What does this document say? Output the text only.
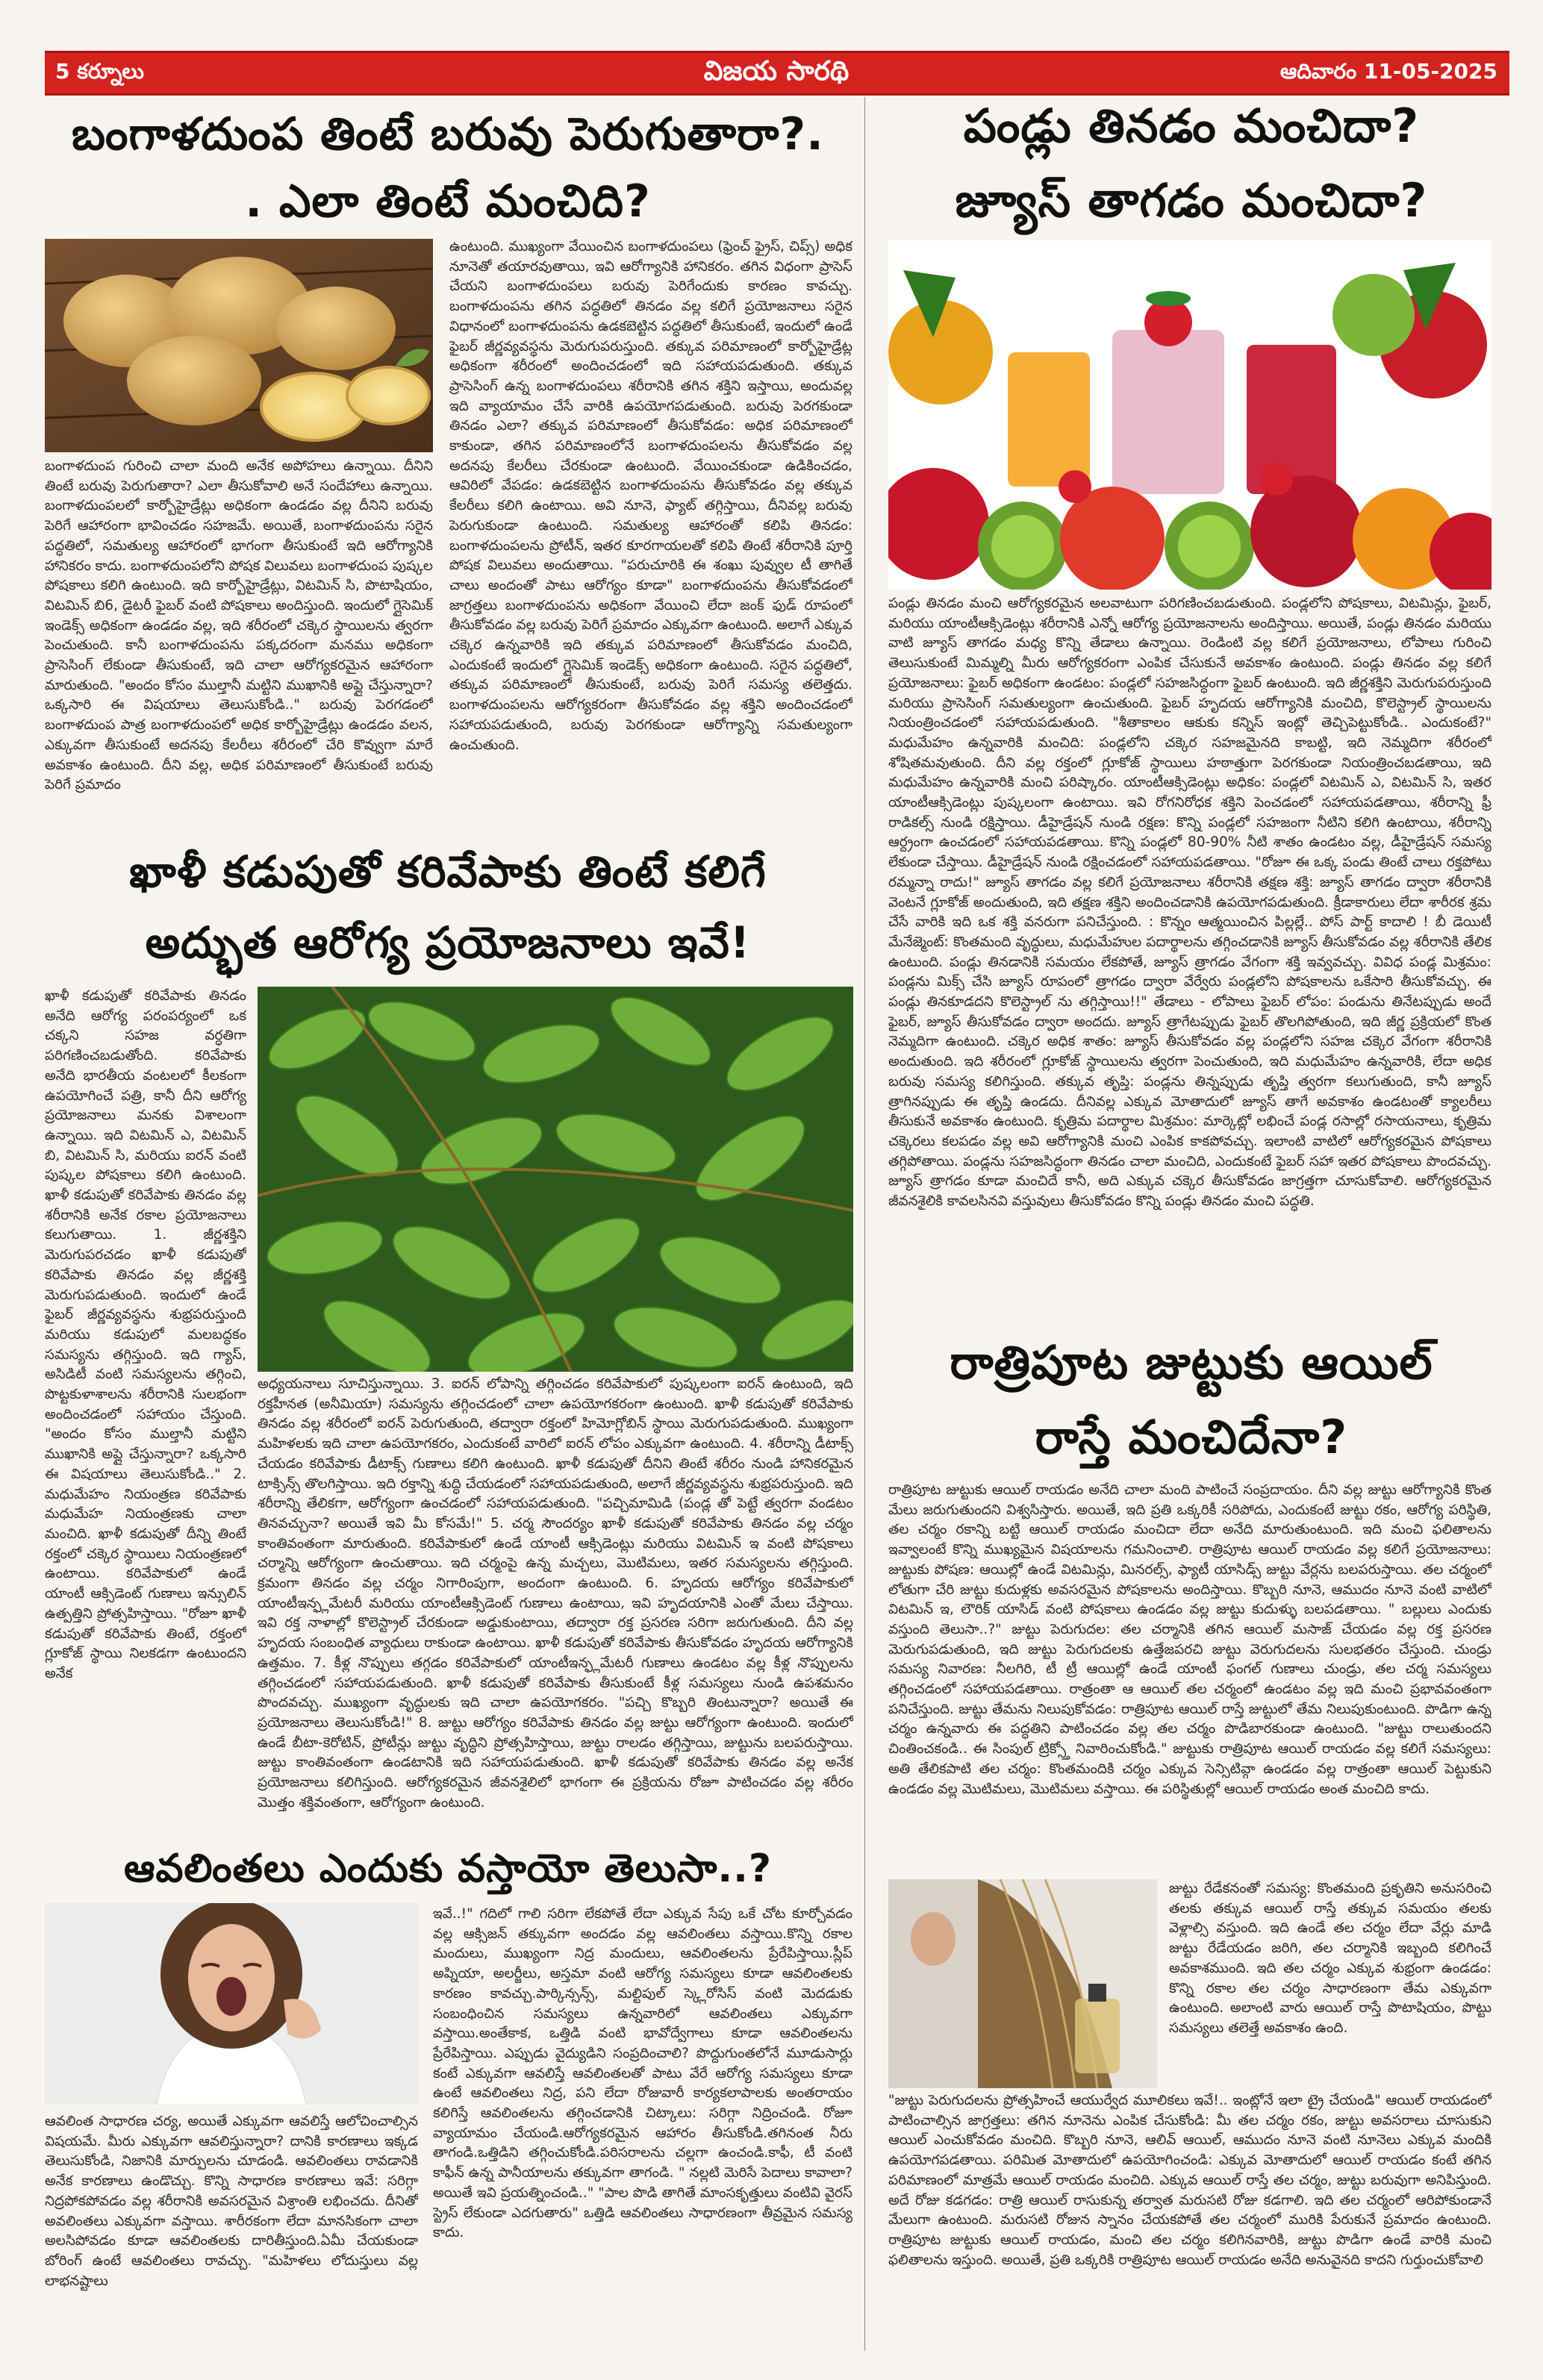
5 కర్నూలు	విజయ సారథి	ఆదివారం 11-05-2025
బంగాళదుంప తింటే బరువు పెరుగుతారా?.
. ఎలా తింటే మంచిది?
బంగాళదుంప గురించి చాలా మంది అనేక అపోహలు ఉన్నాయి. దీనిని తింటే బరువు పెరుగుతారా? ఎలా తీసుకోవాలి అనే సందేహాలు ఉన్నాయి. బంగాళదుంపలలో కార్బోహైడ్రేట్లు అధికంగా ఉండడం వల్ల దీనిని బరువు పెరిగే ఆహారంగా భావించడం సహజమే. అయితే, బంగాళదుంపను సరైన పద్ధతిలో, సమతుల్య ఆహారంలో భాగంగా తీసుకుంటే ఇది ఆరోగ్యానికి హానికరం కాదు. బంగాళదుంపలోని పోషక విలువలు బంగాళదుంప పుష్కల పోషకాలు కలిగి ఉంటుంది. ఇది కార్బోహైడ్రేట్లు, విటమిన్ సి, పొటాషియం, విటమిన్ బి6, డైటరీ ఫైబర్ వంటి పోషకాలు అందిస్తుంది. ఇందులో గ్లైసెమిక్ ఇండెక్స్ అధికంగా ఉండడం వల్ల, ఇది శరీరంలో చక్కెర స్థాయిలను త్వరగా పెంచుతుంది. కానీ బంగాళదుంపను పక్కదరంగా మనము అధికంగా ప్రాసెసింగ్ లేకుండా తీసుకుంటే, ఇది చాలా ఆరోగ్యకరమైన ఆహారంగా మారుతుంది. "అందం కోసం ముల్తానీ మట్టిని ముఖానికి అప్లై చేస్తున్నారా? ఒక్కసారి ఈ విషయాలు తెలుసుకోండి.." బరువు పెరగడంలో బంగాళదుంప పాత్ర బంగాళదుంపలో అధిక కార్బోహైడ్రేట్లు ఉండడం వలన, ఎక్కువగా తీసుకుంటే అదనపు కేలరీలు శరీరంలో చేరి కొవ్వుగా మారే అవకాశం ఉంటుంది. దీని వల్ల, అధిక పరిమాణంలో తీసుకుంటే బరువు పెరిగే ప్రమాదం
ఉంటుంది. ముఖ్యంగా వేయించిన బంగాళదుంపలు (ఫ్రెంచ్ ఫ్రైస్, చిప్స్) అధిక నూనెతో తయారవుతాయి, ఇవి ఆరోగ్యానికి హానికరం. తగిన విధంగా ప్రాసెస్ చేయని బంగాళదుంపలు బరువు పెరిగేందుకు కారణం కావచ్చు. బంగాళదుంపను తగిన పద్ధతిలో తినడం వల్ల కలిగే ప్రయోజనాలు సరైన విధానంలో బంగాళదుంపను ఉడకబెట్టిన పద్ధతిలో తీసుకుంటే, ఇందులో ఉండే ఫైబర్ జీర్ణవ్యవస్థను మెరుగుపరుస్తుంది. తక్కువ పరిమాణంలో కార్బోహైడ్రేట్ల అధికంగా శరీరంలో అందించడంలో ఇది సహాయపడుతుంది. తక్కువ ప్రాసెసింగ్ ఉన్న బంగాళదుంపలు శరీరానికి తగిన శక్తిని ఇస్తాయి, అందువల్ల ఇది వ్యాయామం చేసే వారికి ఉపయోగపడుతుంది. బరువు పెరగకుండా తినడం ఎలా? తక్కువ పరిమాణంలో తీసుకోవడం: అధిక పరిమాణంలో కాకుండా, తగిన పరిమాణంలోనే బంగాళదుంపలను తీసుకోవడం వల్ల అదనపు కేలరీలు చేరకుండా ఉంటుంది. వేయించకుండా ఉడికించడం, ఆవిరిలో వేపడం: ఉడకబెట్టిన బంగాళదుంపను తీసుకోవడం వల్ల తక్కువ కేలరీలు కలిగి ఉంటాయి. అవి నూనె, ఫ్యాట్ తగ్గిస్తాయి, దీనివల్ల బరువు పెరుగుకుండా ఉంటుంది. సమతుల్య ఆహారంతో కలిపి తినడం: బంగాళదుంపలను ప్రోటీన్, ఇతర కూరగాయలతో కలిపి తింటే శరీరానికి పూర్తి పోషక విలువలు అందుతాయి. "పరుచూరికి ఈ శంఖు పువ్వుల టీ తాగితే చాలు అందంతో పాటు ఆరోగ్యం కూడా" బంగాళదుంపను తీసుకోవడంలో జాగ్రత్తలు బంగాళదుంపను అధికంగా వేయించి లేదా జంక్ ఫుడ్ రూపంలో తీసుకోవడం వల్ల బరువు పెరిగే ప్రమాదం ఎక్కువగా ఉంటుంది. అలాగే ఎక్కువ చక్కెర ఉన్నవారికి ఇది తక్కువ పరిమాణంలో తీసుకోవడం మంచిది, ఎందుకంటే ఇందులో గ్లైసెమిక్ ఇండెక్స్ అధికంగా ఉంటుంది. సరైన పద్ధతిలో, తక్కువ పరిమాణంలో తీసుకుంటే, బరువు పెరిగే సమస్య తలెత్తదు. బంగాళదుంపలను ఆరోగ్యకరంగా తీసుకోవడం వల్ల శక్తిని అందించడంలో సహాయపడుతుంది, బరువు పెరగకుండా ఆరోగ్యాన్ని సమతుల్యంగా ఉంచుతుంది.
ఖాళీ కడుపుతో కరివేపాకు తింటే కలిగే
అద్భుత ఆరోగ్య ప్రయోజనాలు ఇవే!
ఖాళీ కడుపుతో కరివేపాకు తినడం అనేది ఆరోగ్య పరంపర్యంలో ఒక చక్కని సహజ వర్ధతిగా పరిగణించబడుతోంది. కరివేపాకు అనేది భారతీయ వంటలలో కీలకంగా ఉపయోగించే పత్రి, కానీ దీని ఆరోగ్య ప్రయోజనాలు మనకు విశాలంగా ఉన్నాయి. ఇది విటమిన్ ఎ, విటమిన్ బి, విటమిన్ సి, మరియు ఐరన్ వంటి పుష్కల పోషకాలు కలిగి ఉంటుంది. ఖాళీ కడుపుతో కరివేపాకు తినడం వల్ల శరీరానికి అనేక రకాల ప్రయోజనాలు కలుగుతాయి. 1. జీర్ణశక్తిని మెరుగుపరచడం ఖాళీ కడుపుతో కరివేపాకు తినడం వల్ల జీర్ణశక్తి మెరుగుపడుతుంది. ఇందులో ఉండే ఫైబర్ జీర్ణవ్యవస్థను శుభ్రపరుస్తుంది మరియు కడుపులో మలబద్ధకం సమస్యను తగ్గిస్తుంది. ఇది గ్యాస్, అసిడిటీ వంటి సమస్యలను తగ్గించి, పొట్టకుళాశాలను శరీరానికి సులభంగా అందించడంలో సహాయం చేస్తుంది. "అందం కోసం ముల్తానీ మట్టిని ముఖానికి అప్లై చేస్తున్నారా? ఒక్కసారి ఈ విషయాలు తెలుసుకోండి.." 2. మధుమేహం నియంత్రణ కరివేపాకు మధుమేహ నియంత్రణకు చాలా మంచిది. ఖాళీ కడుపుతో దీన్ని తింటే రక్తంలో చక్కెర స్థాయిలు నియంత్రణలో ఉంటాయి. కరివేపాకులో ఉండే యాంటీ ఆక్సిడెంట్ గుణాలు ఇన్సులిన్ ఉత్పత్తిని ప్రోత్సహిస్తాయి. "రోజూ ఖాళీ కడుపుతో కరివేపాకు తింటే, రక్తంలో గ్లూకోజ్ స్థాయి నిలకడగా ఉంటుందని అనేక
అధ్యయనాలు సూచిస్తున్నాయి. 3. ఐరన్ లోపాన్ని తగ్గించడం కరివేపాకులో పుష్కలంగా ఐరన్ ఉంటుంది, ఇది రక్తహీనత (అనీమియా) సమస్యను తగ్గించడంలో చాలా ఉపయోగకరంగా ఉంటుంది. ఖాళీ కడుపుతో కరివేపాకు తినడం వల్ల శరీరంలో ఐరన్ పెరుగుతుంది, తద్వారా రక్తంలో హిమోగ్లోబిన్ స్థాయి మెరుగుపడుతుంది. ముఖ్యంగా మహిళలకు ఇది చాలా ఉపయోగకరం, ఎందుకంటే వారిలో ఐరన్ లోపం ఎక్కువగా ఉంటుంది. 4. శరీరాన్ని డీటాక్స్ చేయడం కరివేపాకు డీటాక్స్ గుణాలు కలిగి ఉంటుంది. ఖాళీ కడుపుతో దీనిని తింటే శరీరం నుండి హానికరమైన టాక్సిన్స్ తొలగిస్తాయి. ఇది రక్తాన్ని శుద్ధి చేయడంలో సహాయపడుతుంది, అలాగే జీర్ణవ్యవస్థను శుభ్రపరుస్తుంది. ఇది శరీరాన్ని తేలికగా, ఆరోగ్యంగా ఉంచడంలో సహాయపడుతుంది. "పచ్చిమామిడి (పండ్ల తో పెట్టే త్వరగా వండటం తినవచ్చునా? అయితే ఇవి మీ కోసమే!" 5. చర్మ సౌందర్యం ఖాళీ కడుపుతో కరివేపాకు తినడం వల్ల చర్మం కాంతివంతంగా మారుతుంది. కరివేపాకులో ఉండే యాంటీ ఆక్సిడెంట్లు మరియు విటమిన్ ఇ వంటి పోషకాలు చర్మాన్ని ఆరోగ్యంగా ఉంచుతాయి. ఇది చర్మంపై ఉన్న మచ్చలు, మొటిమలు, ఇతర సమస్యలను తగ్గిస్తుంది. క్రమంగా తినడం వల్ల చర్మం నిగారింపుగా, అందంగా ఉంటుంది. 6. హృదయ ఆరోగ్యం కరివేపాకులో యాంటీఇన్ఫ్లమేటరీ మరియు యాంటీఆక్సిడెంట్ గుణాలు ఉంటాయి, ఇవి హృదయానికి ఎంతో మేలు చేస్తాయి. ఇవి రక్త నాళాల్లో కొలెస్ట్రాల్ చేరకుండా అడ్డుకుంటాయి, తద్వారా రక్త ప్రసరణ సరిగా జరుగుతుంది. దీని వల్ల హృదయ సంబంధిత వ్యాధులు రాకుండా ఉంటాయి. ఖాళీ కడుపుతో కరివేపాకు తీసుకోవడం హృదయ ఆరోగ్యానికి ఉత్తమం. 7. కీళ్ల నొప్పులు తగ్గడం కరివేపాకులో యాంటీఇన్ఫ్లమేటరీ గుణాలు ఉండటం వల్ల కీళ్ల నొప్పులను తగ్గించడంలో సహాయపడుతుంది. ఖాళీ కడుపుతో కరివేపాకు తీసుకుంటే కీళ్ల సమస్యలు నుండి ఉపశమనం పొందవచ్చు. ముఖ్యంగా వృద్ధులకు ఇది చాలా ఉపయోగకరం. "పచ్చి కొబ్బరి తింటున్నారా? అయితే ఈ ప్రయోజనాలు తెలుసుకోండి!" 8. జుట్టు ఆరోగ్యం కరివేపాకు తినడం వల్ల జుట్టు ఆరోగ్యంగా ఉంటుంది. ఇందులో ఉండే బీటా-కెరోటిన్, ప్రోటీన్లు జుట్టు వృద్ధిని ప్రోత్సహిస్తాయి, జుట్టు రాలడం తగ్గిస్తాయి, జుట్టును బలపరుస్తాయి. జుట్టు కాంతివంతంగా ఉండటానికి ఇది సహాయపడుతుంది. ఖాళీ కడుపుతో కరివేపాకు తినడం వల్ల అనేక ప్రయోజనాలు కలిగిస్తుంది. ఆరోగ్యకరమైన జీవనశైలిలో భాగంగా ఈ ప్రక్రియను రోజూ పాటించడం వల్ల శరీరం మొత్తం శక్తివంతంగా, ఆరోగ్యంగా ఉంటుంది.
ఆవలింతలు ఎందుకు వస్తాయో తెలుసా..?
ఆవలింత సాధారణ చర్య, అయితే ఎక్కువగా ఆవలిస్తే ఆలోచించాల్సిన విషయమే. మీరు ఎక్కువగా ఆవలిస్తున్నారా? దానికి కారణాలు ఇక్కడ తెలుసుకోండి, నిజానికి మార్పులను చూడండి. ఆవలింతలు రావడానికి అనేక కారణాలు ఉండొచ్చు. కొన్ని సాధారణ కారణాలు ఇవే: సరిగ్గా నిద్రపోకపోవడం వల్ల శరీరానికి అవసరమైన విశ్రాంతి లభించదు. దీనితో అవలింతలు ఎక్కువగా వస్తాయి. శారీరకంగా లేదా మానసికంగా చాలా అలసిపోవడం కూడా ఆవలింతలకు దారితీస్తుంది.ఏమీ చేయకుండా బోరింగ్ ఉంటే ఆవలింతలు రావచ్చు. "మహిళలు లోదుస్తులు వల్ల లాభనష్టాలు
ఇవే..!" గదిలో గాలి సరిగా లేకపోతే లేదా ఎక్కువ సేపు ఒకే చోట కూర్చోవడం వల్ల ఆక్సిజన్ తక్కువగా అందడం వల్ల ఆవలింతలు వస్తాయి.కొన్ని రకాల మందులు, ముఖ్యంగా నిద్ర మందులు, ఆవలింతలను ప్రేరేపిస్తాయి.స్లీప్ అప్నియా, అలర్జీలు, అస్తమా వంటి ఆరోగ్య సమస్యలు కూడా ఆవలింతలకు కారణం కావచ్చు.పార్కిన్సన్స్, మల్టిపుల్ స్క్లెరోసిస్ వంటి మెదడుకు సంబంధించిన సమస్యలు ఉన్నవారిలో ఆవలింతలు ఎక్కువగా వస్తాయి.అంతేకాక, ఒత్తిడి వంటి భావోద్వేగాలు కూడా ఆవలింతలను ప్రేరేపిస్తాయి. ఎప్పుడు వైద్యుడిని సంప్రదించాలి? పొద్దుగుంతలోనే మూడుసార్లు కంటే ఎక్కువగా ఆవలిస్తే ఆవలింతలతో పాటు వేరే ఆరోగ్య సమస్యలు కూడా ఉంటే ఆవలింతలు నిద్ర, పని లేదా రోజువారీ కార్యకలాపాలకు అంతరాయం కలిగిస్తే ఆవలింతలను తగ్గించడానికి చిట్కాలు: సరిగ్గా నిద్రించండి. రోజూ వ్యాయామం చేయండి.ఆరోగ్యకరమైన ఆహారం తీసుకోండి.తగినంత నీరు తాగండి.ఒత్తిడిని తగ్గించుకోండి.పరిసరాలను చల్లగా ఉంచండి.కాఫీ, టీ వంటి కాఫీన్ ఉన్న పానీయాలను తక్కువగా తాగండి. " నల్లటి మెరిసే పెదాలు కావాలా? అయితే ఇవి ప్రయత్నించండి.." "పాల పొడి తాగితే మాంసకృత్తులు వంటివి వైరస్ స్ట్రెస్ లేకుండా ఎదగుతారు" ఒత్తిడి ఆవలింతలు సాధారణంగా తీవ్రమైన సమస్య కాదు.
పండ్లు తినడం మంచిదా?
జ్యూస్ తాగడం మంచిదా?
పండ్లు తినడం మంచి ఆరోగ్యకరమైన అలవాటుగా పరిగణించబడుతుంది. పండ్లలోని పోషకాలు, విటమిన్లు, ఫైబర్, మరియు యాంటీఆక్సిడెంట్లు శరీరానికి ఎన్నో ఆరోగ్య ప్రయోజనాలను అందిస్తాయి. అయితే, పండ్లు తినడం మరియు వాటి జ్యూస్ తాగడం మధ్య కొన్ని తేడాలు ఉన్నాయి. రెండింటి వల్ల కలిగే ప్రయోజనాలు, లోపాలు గురించి తెలుసుకుంటే మిమ్మల్ని మీరు ఆరోగ్యకరంగా ఎంపిక చేసుకునే అవకాశం ఉంటుంది. పండ్లు తినడం వల్ల కలిగే ప్రయోజనాలు: ఫైబర్ అధికంగా ఉండటం: పండ్లలో సహజసిద్ధంగా ఫైబర్ ఉంటుంది. ఇది జీర్ణశక్తిని మెరుగుపరుస్తుంది మరియు ప్రాసెసింగ్ సమతుల్యంగా ఉంచుతుంది. ఫైబర్ హృదయ ఆరోగ్యానికి మంచిది, కొలెస్ట్రాల్ స్థాయిలను నియంత్రించడంలో సహాయపడుతుంది. "శీతాకాలం ఆకుకు కన్నిస్ ఇంట్లో తెచ్చిపెట్టుకోండి.. ఎందుకంటే?" మధుమేహం ఉన్నవారికి మంచిది: పండ్లలోని చక్కెర సహజమైనది కాబట్టి, ఇది నెమ్మదిగా శరీరంలో శోషితమవుతుంది. దీని వల్ల రక్తంలో గ్లూకోజ్ స్థాయిలు హఠాత్తుగా పెరగకుండా నియంత్రించబడతాయి, ఇది మధుమేహం ఉన్నవారికి మంచి పరిష్కారం. యాంటీఆక్సిడెంట్లు అధికం: పండ్లలో విటమిన్ ఎ, విటమిన్ సి, ఇతర యాంటీఆక్సిడెంట్లు పుష్కలంగా ఉంటాయి. ఇవి రోగనిరోధక శక్తిని పెంచడంలో సహాయపడతాయి, శరీరాన్ని ఫ్రీ రాడికల్స్ నుండి రక్షిస్తాయి. డీహైడ్రేషన్ నుండి రక్షణ: కొన్ని పండ్లలో సహజంగా నీటిని కలిగి ఉంటాయి, శరీరాన్ని ఆర్ద్రంగా ఉంచడంలో సహాయపడతాయి. కొన్ని పండ్లలో 80-90% నీటి శాతం ఉండటం వల్ల, డీహైడ్రేషన్ సమస్య లేకుండా చేస్తాయి. డీహైడ్రేషన్ నుండి రక్షించడంలో సహాయపడతాయి. "రోజూ ఈ ఒక్క పండు తింటే చాలు రక్తపోటు రమ్మన్నా రాదు!" జ్యూస్ తాగడం వల్ల కలిగే ప్రయోజనాలు శరీరానికి తక్షణ శక్తి: జ్యూస్ తాగడం ద్వారా శరీరానికి వెంటనే గ్లూకోజ్ అందుతుంది, ఇది తక్షణ శక్తిని అందించడానికి ఉపయోగపడుతుంది. క్రీడాకారులు లేదా శారీరక శ్రమ చేసే వారికి ఇది ఒక శక్తి వనరుగా పనిచేస్తుంది. : కొన్నం ఆత్మయించిన పిల్లల్లే.. పోస్ పార్ట్ కాదాలి ! బీ డెయిటీ మేనేజ్మెంట్: కొంతమంది వృద్ధులు, మధుమేహుల పదార్థాలను తగ్గించడానికి జ్యూస్ తీసుకోవడం వల్ల శరీరానికి తేలిక ఉంటుంది. పండ్లు తినడానికి సమయం లేకపోతే, జ్యూస్ త్రాగడం వేగంగా శక్తి ఇవ్వవచ్చు. వివిధ పండ్ల మిశ్రమం: పండ్లను మిక్స్ చేసి జ్యూస్ రూపంలో త్రాగడం ద్వారా వేర్వేరు పండ్లలోని పోషకాలను ఒకేసారి తీసుకోవచ్చు. ఈ పండ్లు తినకూడదని కొలెస్ట్రాల్ ను తగ్గిస్తాయి!!" తేడాలు - లోపాలు ఫైబర్ లోపం: పండును తినేటప్పుడు అందే ఫైబర్, జ్యూస్ తీసుకోవడం ద్వారా అందదు. జ్యూస్ త్రాగేటప్పుడు ఫైబర్ తొలగిపోతుంది, ఇది జీర్ణ ప్రక్రియలో కొంత నెమ్మదిగా ఉంటుంది. చక్కెర అధిక శాతం: జ్యూస్ తీసుకోవడం వల్ల పండ్లలోని సహజ చక్కెర వేగంగా శరీరానికి అందుతుంది. ఇది శరీరంలో గ్లూకోజ్ స్థాయిలను త్వరగా పెంచుతుంది, ఇది మధుమేహం ఉన్నవారికి, లేదా అధిక బరువు సమస్య కలిగిస్తుంది. తక్కువ తృప్తి: పండ్లను తిన్నప్పుడు తృప్తి త్వరగా కలుగుతుంది, కానీ జ్యూస్ త్రాగినప్పుడు ఈ తృప్తి ఉండదు. దీనివల్ల ఎక్కువ మోతాదులో జ్యూస్ తాగే అవకాశం ఉండటంతో క్యాలరీలు తీసుకునే అవకాశం ఉంటుంది. కృత్రిమ పదార్థాల మిశ్రమం: మార్కెట్లో లభించే పండ్ల రసాల్లో రసాయనాలు, కృత్రిమ చక్కెరలు కలపడం వల్ల అవి ఆరోగ్యానికి మంచి ఎంపిక కాకపోవచ్చు. ఇలాంటి వాటిలో ఆరోగ్యకరమైన పోషకాలు తగ్గిపోతాయి. పండ్లను సహజసిద్ధంగా తినడం చాలా మంచిది, ఎందుకంటే ఫైబర్ సహా ఇతర పోషకాలు పొందవచ్చు. జ్యూస్ త్రాగడం కూడా మంచిదే కానీ, అది ఎక్కువ చక్కెర తీసుకోవడం జాగ్రత్తగా చూసుకోవాలి. ఆరోగ్యకరమైన జీవనశైలికి కావలసినవి వస్తువులు తీసుకోవడం కొన్ని పండ్లు తినడం మంచి పద్ధతి.
రాత్రిపూట జుట్టుకు ఆయిల్
రాస్తే మంచిదేనా?
రాత్రిపూట జుట్టుకు ఆయిల్ రాయడం అనేది చాలా మంది పాటించే సంప్రదాయం. దీని వల్ల జుట్టు ఆరోగ్యానికి కొంత మేలు జరుగుతుందని విశ్వసిస్తారు. అయితే, ఇది ప్రతి ఒక్కరికీ సరిపోదు, ఎందుకంటే జుట్టు రకం, ఆరోగ్య పరిస్థితి, తల చర్మం రకాన్ని బట్టి ఆయిల్ రాయడం మంచిదా లేదా అనేది మారుతుంటుంది. ఇది మంచి ఫలితాలను ఇవ్వాలంటే కొన్ని ముఖ్యమైన విషయాలను గమనించాలి. రాత్రిపూట ఆయిల్ రాయడం వల్ల కలిగే ప్రయోజనాలు: జుట్టుకు పోషణ: ఆయిల్లో ఉండే విటమిన్లు, మినరల్స్, ఫ్యాటీ యాసిడ్స్ జుట్టు వేర్లను బలపరుస్తాయి. తల చర్మంలో లోతుగా చేరి జుట్టు కుదుళ్లకు అవసరమైన పోషకాలను అందిస్తాయి. కొబ్బరి నూనె, ఆముదం నూనె వంటి వాటిలో విటమిన్ ఇ, లౌరిక్ యాసిడ్ వంటి పోషకాలు ఉండడం వల్ల జుట్టు కుదుళ్ళు బలపడతాయి. " బల్లులు ఎందుకు వస్తుంది తెలుసా..?" జుట్టు పెరుగుదల: తల చర్మానికి తగిన ఆయిల్ మసాజ్ చేయడం వల్ల రక్త ప్రసరణ మెరుగుపడుతుంది, ఇది జుట్టు పెరుగుదలకు ఉత్తేజపరచి జుట్టు వెరుగుదలను సులభతరం చేస్తుంది. చుండ్రు సమస్య నివారణ: నీలగిరి, టీ ట్రీ ఆయిల్లో ఉండే యాంటీ ఫంగల్ గుణాలు చుండ్రు, తల చర్మ సమస్యలు తగ్గించడంలో సహాయపడతాయి. రాత్రంతా ఆ ఆయిల్ తల చర్మంలో ఉండటం వల్ల ఇది మంచి ప్రభావవంతంగా పనిచేస్తుంది. జుట్టు తేమను నిలుపుకోవడం: రాత్రిపూట ఆయిల్ రాస్తే జుట్టులో తేమ నిలుపుకుంటుంది. పొడిగా ఉన్న చర్మం ఉన్నవారు ఈ పద్ధతిని పాటించడం వల్ల తల చర్మం పొడిబారకుండా ఉంటుంది. "జుట్టు రాలుతుందని చింతించకండి.. ఈ సింపుల్ ట్రిక్స్తో నివారించుకోండి." జుట్టుకు రాత్రిపూట ఆయిల్ రాయడం వల్ల కలిగే సమస్యలు: అతి తేలికపాటి తల చర్మం: కొంతమందికి చర్మం ఎక్కువ సెన్సిటివ్గా ఉండడం వల్ల రాత్రంతా ఆయిల్ పెట్టుకుని ఉండడం వల్ల మొటిమలు, మొటిమలు వస్తాయి. ఈ పరిస్థితుల్లో ఆయిల్ రాయడం అంత మంచిది కాదు.
జుట్టు రేడేకనంతో సమస్య: కొంతమంది ప్రకృతిని అనుసరించి తలకు తక్కువ ఆయిల్ రాస్తే తక్కువ సమయం తలకు వెళ్లాల్సి వస్తుంది. ఇది ఉండే తల చర్మం లేదా వేర్లు మాడి జుట్టు రేడేయడం జరిగి, తల చర్మానికి ఇబ్బంది కలిగించే అవకాశముంది. ఇది తల చర్మం ఎక్కువ శుభ్రంగా ఉండడం: కొన్ని రకాల తల చర్మం సాధారణంగా తేమ ఎక్కువగా ఉంటుంది. అలాంటి వారు ఆయిల్ రాస్తే పొటాషియం, పొట్టు సమస్యలు తలెత్తే అవకాశం ఉంది.
"జుట్టు పెరుగుదలను ప్రోత్సహించే ఆయుర్వేద మూలికలు ఇవే!.. ఇంట్లోనే ఇలా ట్రై చేయండి" ఆయిల్ రాయడంలో పాటించాల్సిన జాగ్రత్తలు: తగిన నూనెను ఎంపిక చేసుకోండి: మీ తల చర్మం రకం, జుట్టు అవసరాలు చూసుకుని ఆయిల్ ఎంచుకోవడం మంచిది. కొబ్బరి నూనె, ఆలివ్ ఆయిల్, ఆముదం నూనె వంటి నూనెలు ఎక్కువ మందికి ఉపయోగపడతాయి. పరిమిత మోతాదులో ఉపయోగించండి: ఎక్కువ మోతాదులో ఆయిల్ రాయడం కంటే తగిన పరిమాణంలో మాత్రమే ఆయిల్ రాయడం మంచిది. ఎక్కువ ఆయిల్ రాస్తే తల చర్మం, జుట్టు బరువుగా అనిపిస్తుంది. అదే రోజు కడగడం: రాత్రి ఆయిల్ రాసుకున్న తర్వాత మరుసటి రోజు కడగాలి. ఇది తల చర్మంలో ఆరిపోకుండానే మేలుగా ఉంటుంది. మరుసటి రోజున స్నానం చేయకపోతే తల చర్మంలో మురికి పేరుకునే ప్రమాదం ఉంటుంది. రాత్రిపూట జుట్టుకు ఆయిల్ రాయడం, మంచి తల చర్మం కలిగినవారికి, జుట్టు పొడిగా ఉండే వారికి మంచి ఫలితాలను ఇస్తుంది. అయితే, ప్రతి ఒక్కరికి రాత్రిపూట ఆయిల్ రాయడం అనేది అనువైనది కాదని గుర్తుంచుకోవాలి
